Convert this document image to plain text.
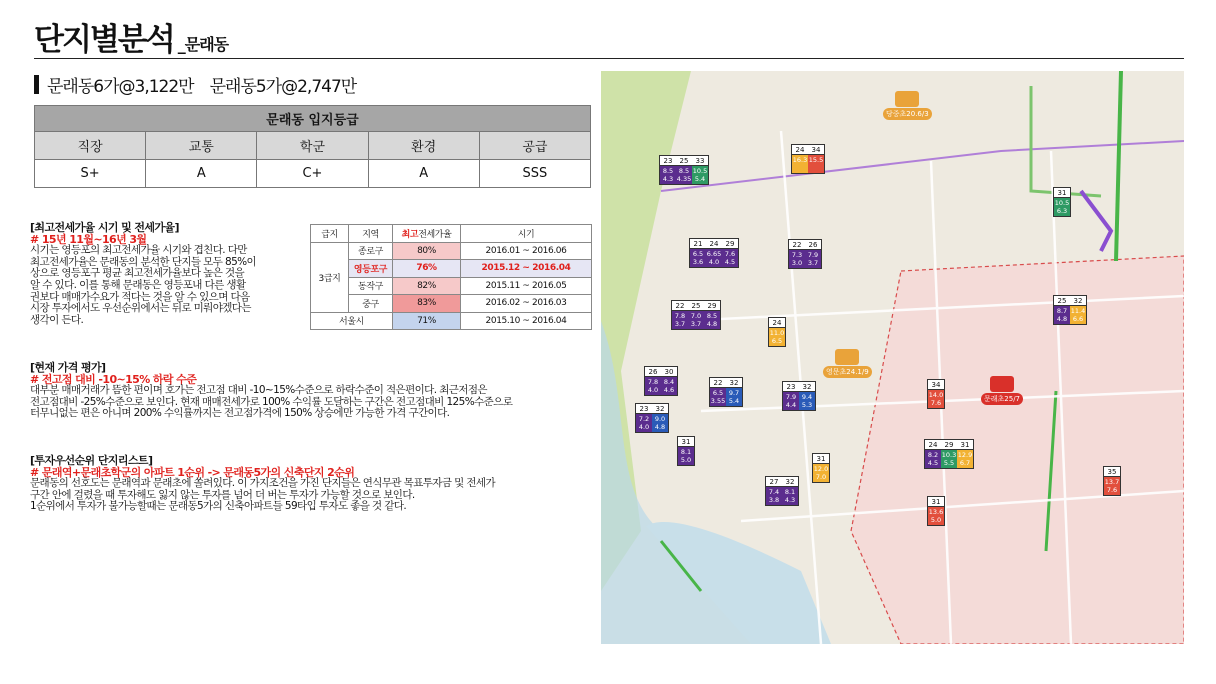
단지별분석 _문래동
문래동6가@3,122만 문래동5가@2,747만
문래동 입지등급				
직장	교통	학군	환경	공급
S+	A	C+	A	SSS
[최고전세가율 시기 및 전세가율]
# 15년 11월~16년 3월
시기는 영등포의 최고전세가율 시기와 겹친다. 다만
최고전세가율은 문래동의 분석한 단지들 모두 85%이
상으로 영등포구 평균 최고전세가율보다 높은 것을
알 수 있다. 이를 통해 문래동은 영등포내 다른 생활
권보다 매매가수요가 적다는 것을 알 수 있으며 다음
시장 투자에서도 우선순위에서는 뒤로 미뤄야겠다는
생각이 든다.
급지	지역	최고전세가율	시기
3급지	종로구	80%	2016.01 ~ 2016.06
	영등포구	76%	2015.12 ~ 2016.04
	동작구	82%	2015.11 ~ 2016.05
	중구	83%	2016.02 ~ 2016.03
서울시		71%	2015.10 ~ 2016.04
[현재 가격 평가]
# 전고점 대비 -10~15% 하락 수준
대부분 매매거래가 뜸한 편이며 호가는 전고점 대비 -10~15%수준으로 하락수준이 적은편이다. 최근저점은
전고점대비 -25%수준으로 보인다. 현재 매매전세가로 100% 수익률 도달하는 구간은 전고점대비 125%수준으로
터무니없는 편은 아니며 200% 수익률까지는 전고점가격에 150% 상승에만 가능한 가격 구간이다.
[투자우선순위 단지리스트]
# 문래역+문래초학군의 아파트 1순위 -> 문래동5가의 신축단지 2순위
문래동의 선호도는 문래역과 문래초에 쏠려있다. 이 가지조건을 가진 단지들은 연식무관 목표투자금 및 전세가
구간 안에 걸렸을 때 투자해도 잃지 않는 투자를 넘어 더 버는 투자가 가능할 것으로 보인다.
1순위에서 투자가 불가능할때는 문래동5가의 신축아파트들 59타입 투자도 좋을 것 같다.
당중초20.6/3
영문초24.1/9
문래초25/7
23	25	33
8.5
4.3
8.5
4.35
10.5
5.4
24	34
16.3 15.5

31
10.5
6.3
21	24	29
6.5
3.6
6.65
4.0
7.6
4.5
22	26
7.3
3.0
7.9
3.7
25	32
8.7
4.8
11.4
6.6
22	25	29
7.8
3.7
7.0
3.7
8.5
4.8	24
11.0
6.5
26	30
7.8
4.0
8.4
4.6
22	32
6.5
3.55
9.7
5.4
23	32
7.9
4.4
9.4
5.3
34
14.0
7.6
23	32
7.2
4.0
9.0
4.8
31
12.0
7.0
24	29	31
8.2
4.5
10.3
5.5
12.9
6.7
31
8.1
5.0
27	32
7.4
3.8
8.1
4.3	31
13.6
5.0
35
13.7
7.6
